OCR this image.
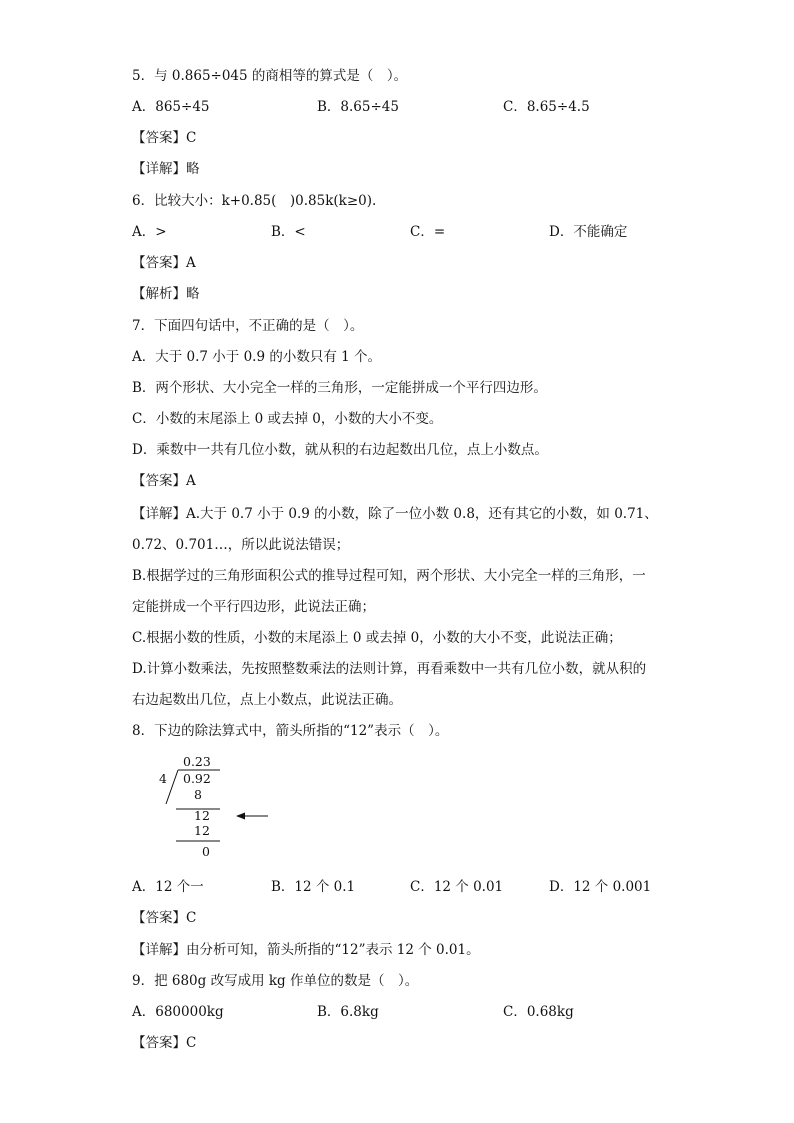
5．与 0.865÷045 的商相等的算式是（　）。
A．865÷45	B．8.65÷45	C．8.65÷4.5
【答案】C
【详解】略
6．比较大小：k+0.85(　)0.85k(k≥0).
A．>	B．<	C．=	D．不能确定
【答案】A
【解析】略
7．下面四句话中，不正确的是（　）。
A．大于 0.7 小于 0.9 的小数只有 1 个。
B．两个形状、大小完全一样的三角形，一定能拼成一个平行四边形。
C．小数的末尾添上 0 或去掉 0，小数的大小不变。
D．乘数中一共有几位小数，就从积的右边起数出几位，点上小数点。
【答案】A
【详解】A.大于 0.7 小于 0.9 的小数，除了一位小数 0.8，还有其它的小数，如 0.71、
0.72、0.701…，所以此说法错误；
B.根据学过的三角形面积公式的推导过程可知，两个形状、大小完全一样的三角形，一
定能拼成一个平行四边形，此说法正确；
C.根据小数的性质，小数的末尾添上 0 或去掉 0，小数的大小不变，此说法正确；
D.计算小数乘法，先按照整数乘法的法则计算，再看乘数中一共有几位小数，就从积的
右边起数出几位，点上小数点，此说法正确。
8．下边的除法算式中，箭头所指的“12”表示（　）。
0.23
4 0.92
8
12
12
0
A．12 个一	B．12 个 0.1	C．12 个 0.01	D．12 个 0.001
【答案】C
【详解】由分析可知，箭头所指的“12”表示 12 个 0.01。
9．把 680g 改写成用 kg 作单位的数是（　）。
A．680000kg	B．6.8kg	C．0.68kg
【答案】C
